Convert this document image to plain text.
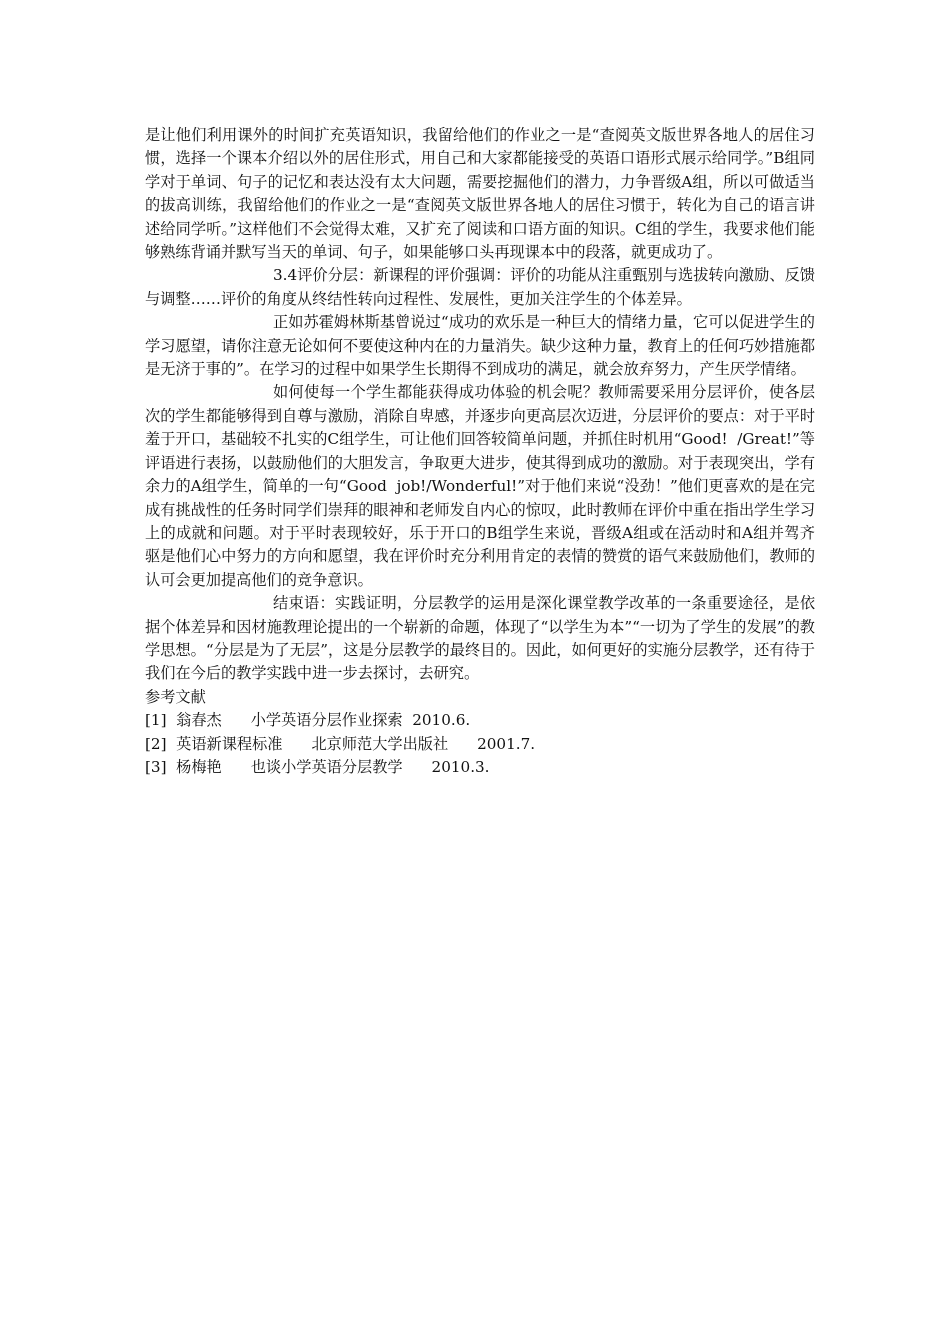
是让他们利用课外的时间扩充英语知识，我留给他们的作业之一是“查阅英文版世界各地人的居住习惯，选择一个课本介绍以外的居住形式，用自己和大家都能接受的英语口语形式展示给同学。”B组同学对于单词、句子的记忆和表达没有太大问题，需要挖掘他们的潜力，力争晋级A组，所以可做适当的拔高训练，我留给他们的作业之一是“查阅英文版世界各地人的居住习惯于，转化为自己的语言讲述给同学听。”这样他们不会觉得太难，又扩充了阅读和口语方面的知识。C组的学生，我要求他们能够熟练背诵并默写当天的单词、句子，如果能够口头再现课本中的段落，就更成功了。

3.4评价分层：新课程的评价强调：评价的功能从注重甄别与选拔转向激励、反馈与调整……评价的角度从终结性转向过程性、发展性，更加关注学生的个体差异。

正如苏霍姆林斯基曾说过“成功的欢乐是一种巨大的情绪力量，它可以促进学生的学习愿望，请你注意无论如何不要使这种内在的力量消失。缺少这种力量，教育上的任何巧妙措施都是无济于事的”。在学习的过程中如果学生长期得不到成功的满足，就会放弃努力，产生厌学情绪。

如何使每一个学生都能获得成功体验的机会呢？教师需要采用分层评价，使各层次的学生都能够得到自尊与激励，消除自卑感，并逐步向更高层次迈进，分层评价的要点：对于平时羞于开口，基础较不扎实的C组学生，可让他们回答较简单问题，并抓住时机用“Good!  /Great!”等评语进行表扬，以鼓励他们的大胆发言，争取更大进步，使其得到成功的激励。对于表现突出，学有余力的A组学生，简单的一句“Good  job!/Wonderful!”对于他们来说“没劲！”他们更喜欢的是在完成有挑战性的任务时同学们崇拜的眼神和老师发自内心的惊叹，此时教师在评价中重在指出学生学习上的成就和问题。对于平时表现较好，乐于开口的B组学生来说，晋级A组或在活动时和A组并驾齐驱是他们心中努力的方向和愿望，我在评价时充分利用肯定的表情的赞赏的语气来鼓励他们，教师的认可会更加提高他们的竞争意识。

结束语：实践证明，分层教学的运用是深化课堂教学改革的一条重要途径，是依据个体差异和因材施教理论提出的一个崭新的命题，体现了“以学生为本”“一切为了学生的发展”的教学思想。“分层是为了无层”，这是分层教学的最终目的。因此，如何更好的实施分层教学，还有待于我们在今后的教学实践中进一步去探讨，去研究。

参考文献

[1]  翁春杰      小学英语分层作业探索  2010.6.

[2]  英语新课程标准      北京师范大学出版社      2001.7.

[3]  杨梅艳      也谈小学英语分层教学      2010.3.
